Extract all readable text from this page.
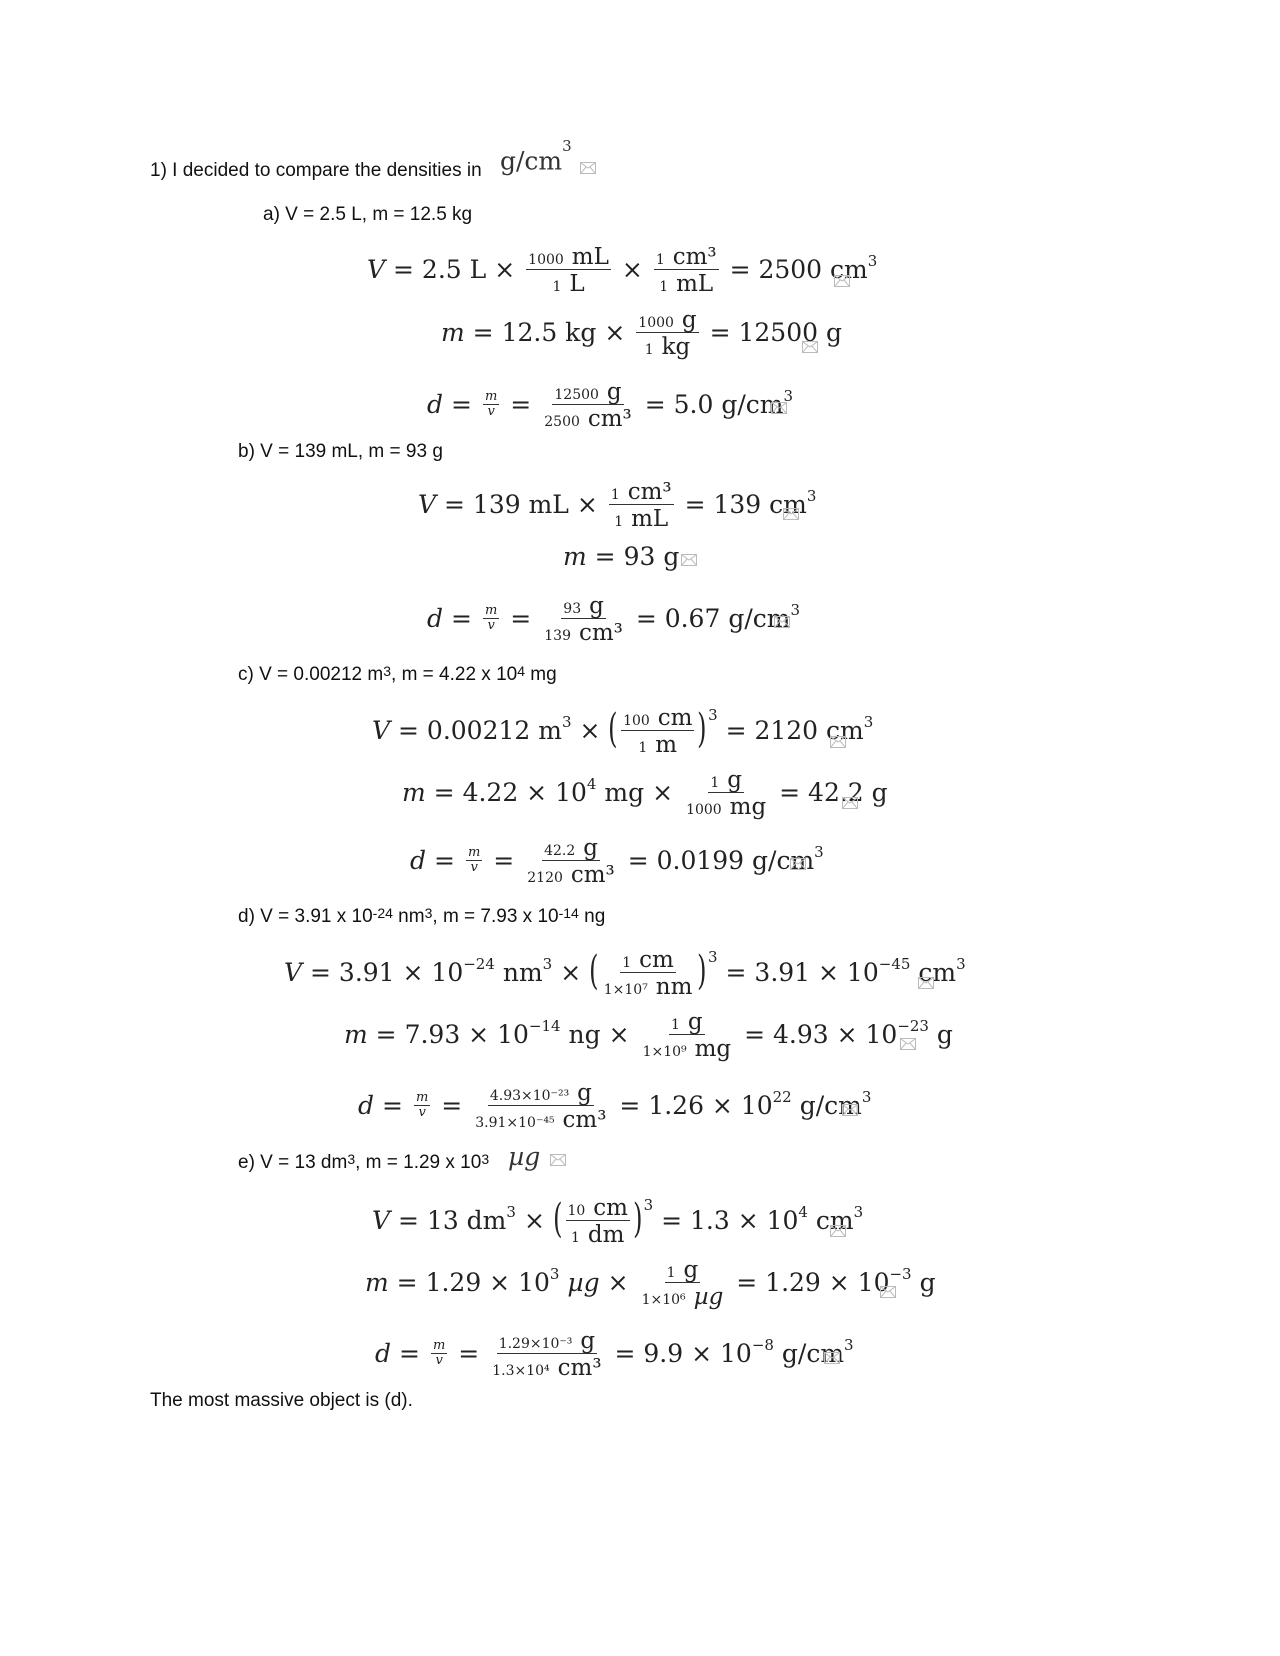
1) I decided to compare the densities in $g/cm^3$
a) V = 2.5 L, m = 12.5 kg
V
= 2.5 $L \times \frac{1000 mL}{1 L} \times \frac{\text{1 cm³}}{1 mL}$
= 2500 $cm^3$
m
= 12.5 kg × $\frac{1000 g}{1 kg}$
= 12500 g
$d = \frac{m}{v} = \frac{12500 g}{\text{2500 cm³}}$
= 5.0 $g/cm^3$
b) V = 139 mL, m = 93 g
V
= 139 mL × $\frac{\text{1 cm³}}{1 mL}$
= 139 $cm^3$
m
= 93 g
$d = \frac{m}{v} = \frac{93 g}{\text{139 cm³}}$
= 0.67 $g/cm^3$
c) V = 0.00212 $m^3$, m = 4.22 x $10^4$ mg
V
= 0.00212 $m^3$ × ( $\frac{100 cm}{1 m}$ ) 3

= 2120 $cm^3$
m
= $4.22 \times 10^4$
mg × $\frac{1 g}{1000 mg}$
= 42.2 g
$d = \frac{m}{v} = \frac{42.2 g}{\text{2120 cm³}}$
= 0.0199 $g/cm^3$
d) V = 3.91 x $10^{-24}$ $nm^3$, m = 7.93 x $10^{-14}$ ng
V
= $3.91 \times 10^{-24}$
$nm^3$ × ( $\frac{1 cm}{\text{1×10⁷ nm}}$ ) 3

= $3.91 \times 10^{-45}$
$cm^3$
m
= $7.93 \times 10^{-14}$
ng × $\frac{1 g}{\text{1×10⁹ mg}}$
= $4.93 \times 10^{-23}$
g
$d = \frac{m}{v} = \frac{\text{4.93×10⁻²³ g}}{\text{3.91×10⁻⁴⁵ cm³}}$
= $1.26 \times 10^{22}$
$g/cm^3$
e) V = 13 $dm^3$, m = 1.29 x $10^3$ µg
V
= 13 $dm^3$ × ( $\frac{10 cm}{1 dm}$ ) 3

= $1.3 \times 10^4$
$cm^3$
m
= $1.29 \times 10^3$
$\mu g \times \frac{1 g}{\text{1×10⁶ µg}}$
= $1.29 \times 10^{-3}$
g
$d = \frac{m}{v} = \frac{\text{1.29×10⁻³ g}}{\text{1.3×10⁴ cm³}}$
= $9.9 \times 10^{-8}$
$g/cm^3$
The most massive object is (d).
